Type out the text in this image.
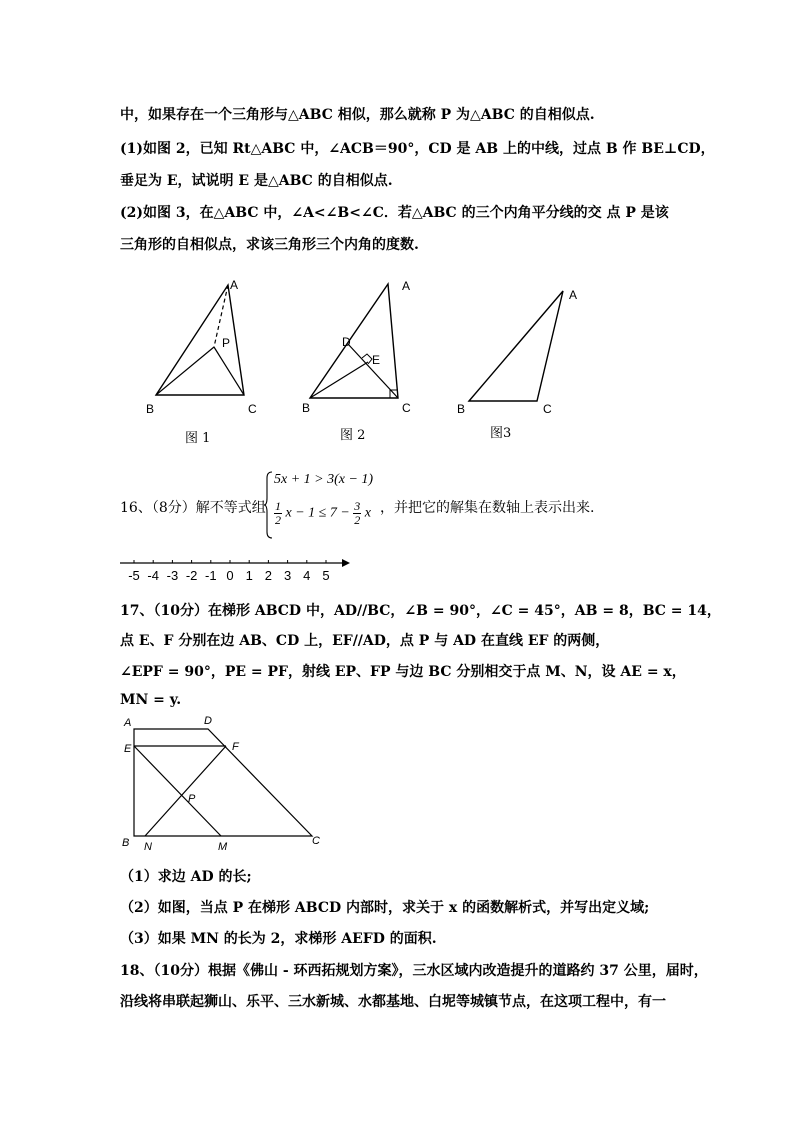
中，如果存在一个三角形与△ABC 相似，那么就称 P 为△ABC 的自相似点.
(1)如图 2，已知 Rt△ABC 中，∠ACB＝90°，CD 是 AB 上的中线，过点 B 作 BE⊥CD，
垂足为 E，试说明 E 是△ABC 的自相似点.
(2)如图 3，在△ABC 中，∠A<∠B<∠C．若△ABC 的三个内角平分线的交 点 P 是该
三角形的自相似点，求该三角形三个内角的度数.
A
P
B	C
图 1
A
D
E
B	C
图 2
A
B	C
图3
16、（8分）解不等式组
5x + 1 > 3(x − 1)
$\frac{1}{2}$ $x - 1 \le 7 - \frac{3}{2}$ x ，并把它的解集在数轴上表示出来.
-5 -4 -3 -2 -1 0 1 2 3 4 5
17、（10分）在梯形 ABCD 中，AD//BC，∠B = 90°，∠C = 45°，AB = 8，BC = 14，
点 E、F 分别在边 AB、CD 上，EF//AD，点 P 与 AD 在直线 EF 的两侧，
∠EPF = 90°，PE = PF，射线 EP、FP 与边 BC 分别相交于点 M、N，设 AE = x，
MN = y.
A	D
E	F
P
B N	M	C
（1）求边 AD 的长;
（2）如图，当点 P 在梯形 ABCD 内部时，求关于 x 的函数解析式，并写出定义域;
（3）如果 MN 的长为 2，求梯形 AEFD 的面积.
18、（10分）根据《佛山 - 环西拓规划方案》，三水区域内改造提升的道路约 37 公里，届时，
沿线将串联起狮山、乐平、三水新城、水都基地、白坭等城镇节点，在这项工程中，有一
